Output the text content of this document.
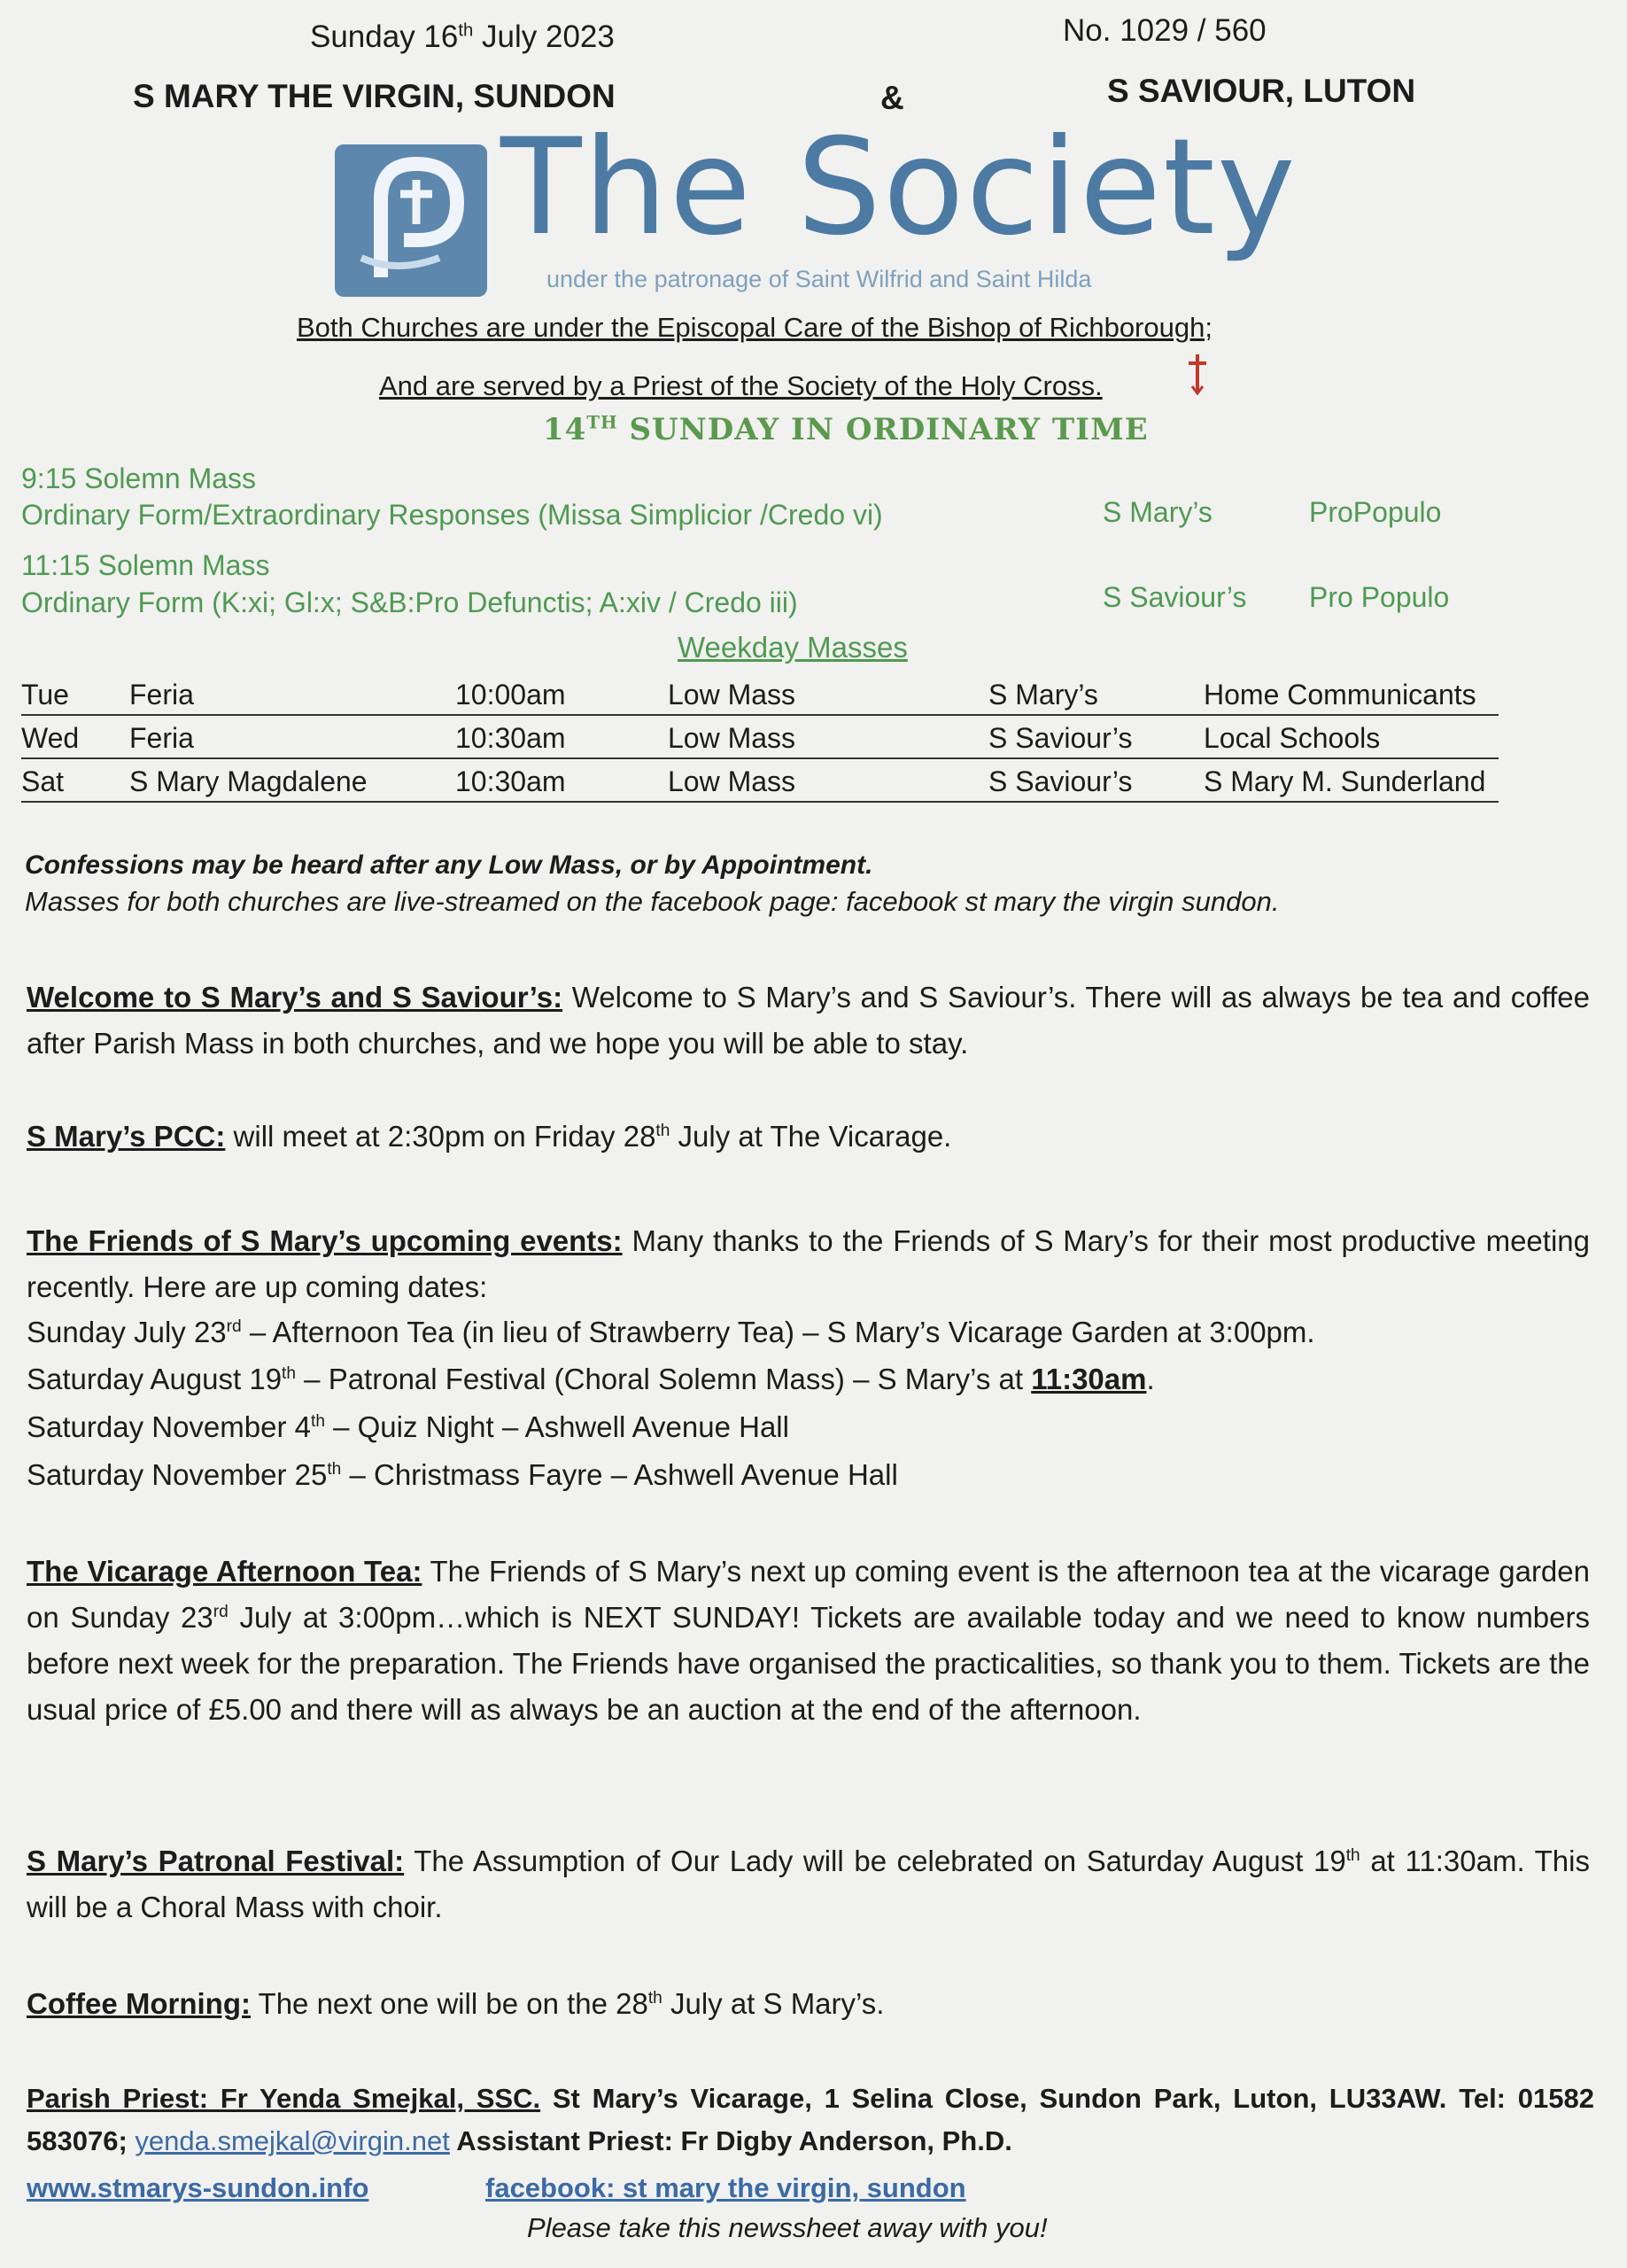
Sunday 16th July 2023	No. 1029 / 560
S MARY THE VIRGIN, SUNDON	&	S SAVIOUR, LUTON
The Society
under the patronage of Saint Wilfrid and Saint Hilda
Both Churches are under the Episcopal Care of the Bishop of Richborough;
And are served by a Priest of the Society of the Holy Cross.
14TH SUNDAY IN ORDINARY TIME
9:15 Solemn Mass
Ordinary Form/Extraordinary Responses (Missa Simplicior /Credo vi)	S Mary’s	ProPopulo
11:15 Solemn Mass
Ordinary Form (K:xi; Gl:x; S&B:Pro Defunctis; A:xiv / Credo iii)	S Saviour’s Pro Populo
Weekday Masses
Tue Feria	10:00am	Low Mass	S Mary’s	Home Communicants
Wed Feria	10:30am	Low Mass	S Saviour’s	Local Schools
Sat S Mary Magdalene	10:30am	Low Mass	S Saviour’s	S Mary M. Sunderland
Confessions may be heard after any Low Mass, or by Appointment.
Masses for both churches are live-streamed on the facebook page: facebook st mary the virgin sundon.
Welcome to S Mary’s and S Saviour’s: Welcome to S Mary’s and S Saviour’s. There will as always be tea and coffee after Parish Mass in both churches, and we hope you will be able to stay.
S Mary’s PCC: will meet at 2:30pm on Friday 28th July at The Vicarage.
The Friends of S Mary’s upcoming events: Many thanks to the Friends of S Mary’s for their most productive meeting recently. Here are up coming dates:
Sunday July 23rd – Afternoon Tea (in lieu of Strawberry Tea) – S Mary’s Vicarage Garden at 3:00pm.
Saturday August 19th – Patronal Festival (Choral Solemn Mass) – S Mary’s at 11:30am.
Saturday November 4th – Quiz Night – Ashwell Avenue Hall
Saturday November 25th – Christmass Fayre – Ashwell Avenue Hall
The Vicarage Afternoon Tea: The Friends of S Mary’s next up coming event is the afternoon tea at the vicarage garden on Sunday 23rd July at 3:00pm…which is NEXT SUNDAY! Tickets are available today and we need to know numbers before next week for the preparation. The Friends have organised the practicalities, so thank you to them. Tickets are the usual price of £5.00 and there will as always be an auction at the end of the afternoon.
S Mary’s Patronal Festival: The Assumption of Our Lady will be celebrated on Saturday August 19th at 11:30am. This will be a Choral Mass with choir.
Coffee Morning: The next one will be on the 28th July at S Mary’s.
Parish Priest: Fr Yenda Smejkal, SSC. St Mary’s Vicarage, 1 Selina Close, Sundon Park, Luton, LU33AW. Tel: 01582 583076; yenda.smejkal@virgin.net Assistant Priest: Fr Digby Anderson, Ph.D.
www.stmarys-sundon.info	facebook: st mary the virgin, sundon
Please take this newssheet away with you!
